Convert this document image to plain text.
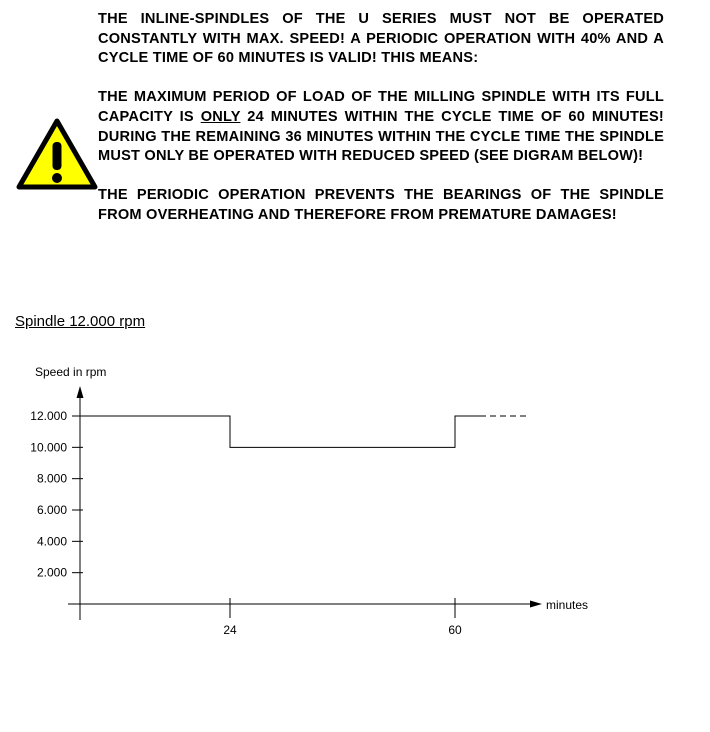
THE INLINE-SPINDLES OF THE U SERIES MUST NOT BE OPERATED CONSTANTLY WITH MAX. SPEED! A PERIODIC OPERATION WITH 40% AND A CYCLE TIME OF 60 MINUTES IS VALID! THIS MEANS:

THE MAXIMUM PERIOD OF LOAD OF THE MILLING SPINDLE WITH ITS FULL CAPACITY IS ONLY 24 MINUTES WITHIN THE CYCLE TIME OF 60 MINUTES! DURING THE REMAINING 36 MINUTES WITHIN THE CYCLE TIME THE SPINDLE MUST ONLY BE OPERATED WITH REDUCED SPEED (SEE DIGRAM BELOW)!

THE PERIODIC OPERATION PREVENTS THE BEARINGS OF THE SPINDLE FROM OVERHEATING AND THEREFORE FROM PREMATURE DAMAGES!

Spindle 12.000 rpm
12.000
10.000
8.000
6.000
4.000
2.000
24	60
Speed in rpm
minutes
